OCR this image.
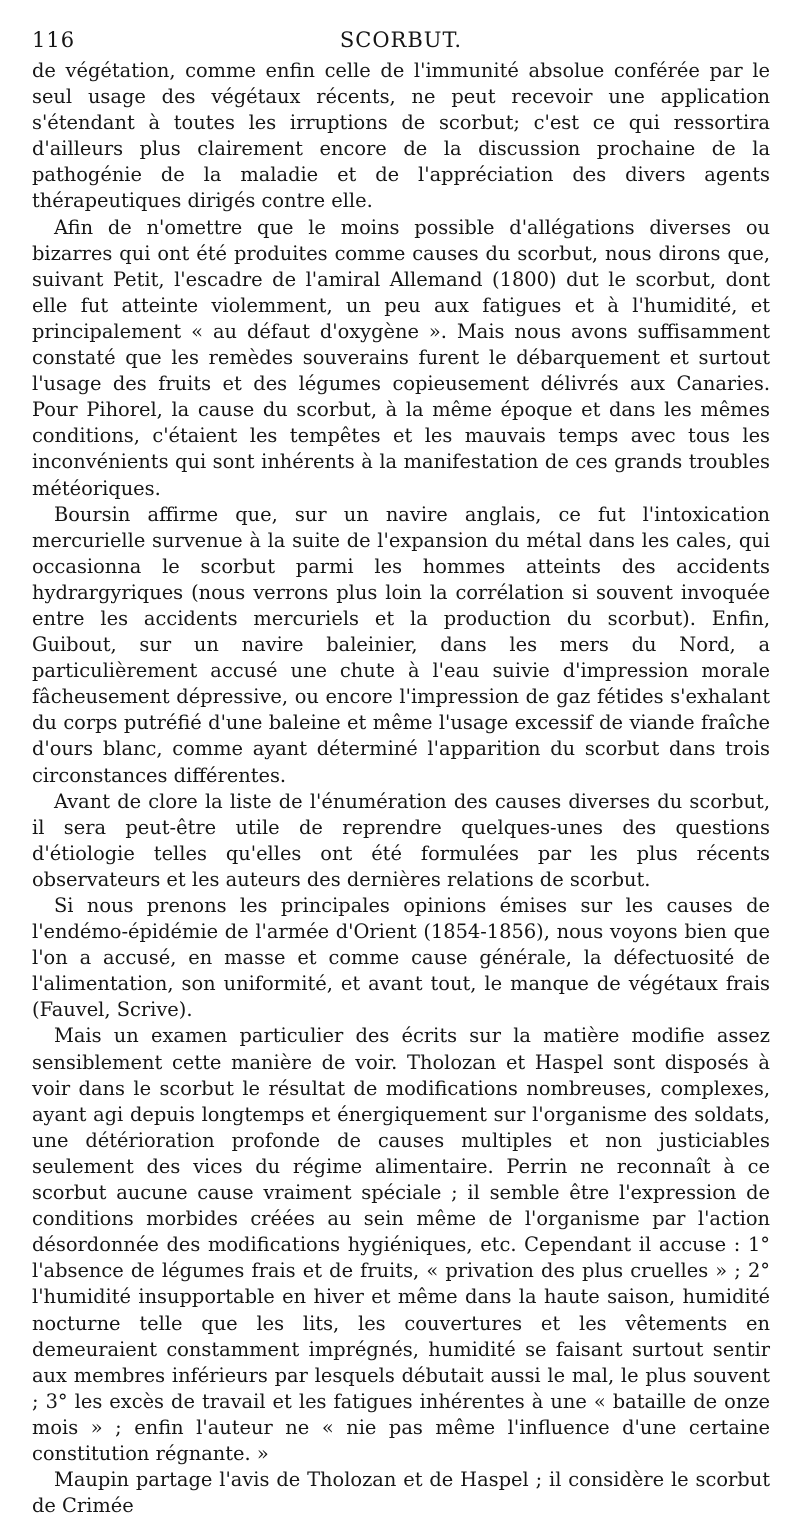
116	SCORBUT.

de végétation, comme enfin celle de l'immunité absolue conférée par le seul usage des végétaux récents, ne peut recevoir une application s'étendant à toutes les irruptions de scorbut; c'est ce qui ressortira d'ailleurs plus clairement encore de la discussion prochaine de la pathogénie de la maladie et de l'appréciation des divers agents thérapeutiques dirigés contre elle.

Afin de n'omettre que le moins possible d'allégations diverses ou bizarres qui ont été produites comme causes du scorbut, nous dirons que, suivant Petit, l'escadre de l'amiral Allemand (1800) dut le scorbut, dont elle fut atteinte violemment, un peu aux fatigues et à l'humidité, et principalement « au défaut d'oxygène ». Mais nous avons suffisamment constaté que les remèdes souverains furent le débarquement et surtout l'usage des fruits et des légumes copieusement délivrés aux Canaries. Pour Pihorel, la cause du scorbut, à la même époque et dans les mêmes conditions, c'étaient les tempêtes et les mauvais temps avec tous les inconvénients qui sont inhérents à la manifestation de ces grands troubles météoriques.

Boursin affirme que, sur un navire anglais, ce fut l'intoxication mercurielle survenue à la suite de l'expansion du métal dans les cales, qui occasionna le scorbut parmi les hommes atteints des accidents hydrargyriques (nous verrons plus loin la corrélation si souvent invoquée entre les accidents mercuriels et la production du scorbut). Enfin, Guibout, sur un navire baleinier, dans les mers du Nord, a particulièrement accusé une chute à l'eau suivie d'impression morale fâcheusement dépressive, ou encore l'impression de gaz fétides s'exhalant du corps putréfié d'une baleine et même l'usage excessif de viande fraîche d'ours blanc, comme ayant déterminé l'apparition du scorbut dans trois circonstances différentes.

Avant de clore la liste de l'énumération des causes diverses du scorbut, il sera peut-être utile de reprendre quelques-unes des questions d'étiologie telles qu'elles ont été formulées par les plus récents observateurs et les auteurs des dernières relations de scorbut.

Si nous prenons les principales opinions émises sur les causes de l'endémo-épidémie de l'armée d'Orient (1854-1856), nous voyons bien que l'on a accusé, en masse et comme cause générale, la défectuosité de l'alimentation, son uniformité, et avant tout, le manque de végétaux frais (Fauvel, Scrive).

Mais un examen particulier des écrits sur la matière modifie assez sensiblement cette manière de voir. Tholozan et Haspel sont disposés à voir dans le scorbut le résultat de modifications nombreuses, complexes, ayant agi depuis longtemps et énergiquement sur l'organisme des soldats, une détérioration profonde de causes multiples et non justiciables seulement des vices du régime alimentaire. Perrin ne reconnaît à ce scorbut aucune cause vraiment spéciale ; il semble être l'expression de conditions morbides créées au sein même de l'organisme par l'action désordonnée des modifications hygiéniques, etc. Cependant il accuse : 1° l'absence de légumes frais et de fruits, « privation des plus cruelles » ; 2° l'humidité insupportable en hiver et même dans la haute saison, humidité nocturne telle que les lits, les couvertures et les vêtements en demeuraient constamment imprégnés, humidité se faisant surtout sentir aux membres inférieurs par lesquels débutait aussi le mal, le plus souvent ; 3° les excès de travail et les fatigues inhérentes à une « bataille de onze mois » ; enfin l'auteur ne « nie pas même l'influence d'une certaine constitution régnante. »

Maupin partage l'avis de Tholozan et de Haspel ; il considère le scorbut de Crimée
